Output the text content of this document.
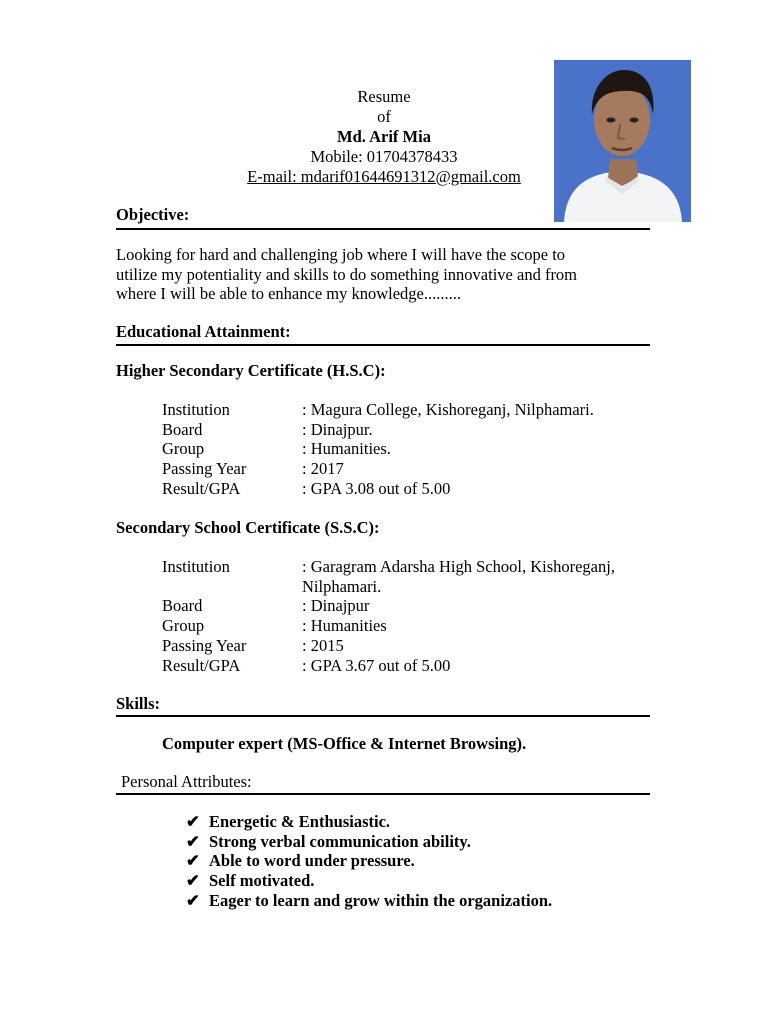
Resume
of
Md. Arif Mia
Mobile: 01704378433
E-mail: mdarif01644691312@gmail.com
Objective:
Looking for hard and challenging job where I will have the scope to
utilize my potentiality and skills to do something innovative and from
where I will be able to enhance my knowledge.........
Educational Attainment:
Higher Secondary Certificate (H.S.C):
Institution	: Magura College, Kishoreganj, Nilphamari.
Board	: Dinajpur.
Group	: Humanities.
Passing Year	: 2017
Result/GPA	: GPA 3.08 out of 5.00
Secondary School Certificate (S.S.C):
Institution	: Garagram Adarsha High School, Kishoreganj,
Nilphamari.
Board	: Dinajpur
Group	: Humanities
Passing Year	: 2015
Result/GPA	: GPA 3.67 out of 5.00
Skills:
Computer expert (MS-Office & Internet Browsing).
Personal Attributes:
✔ Energetic & Enthusiastic.
✔ Strong verbal communication ability.
✔ Able to word under pressure.
✔ Self motivated.
✔ Eager to learn and grow within the organization.
